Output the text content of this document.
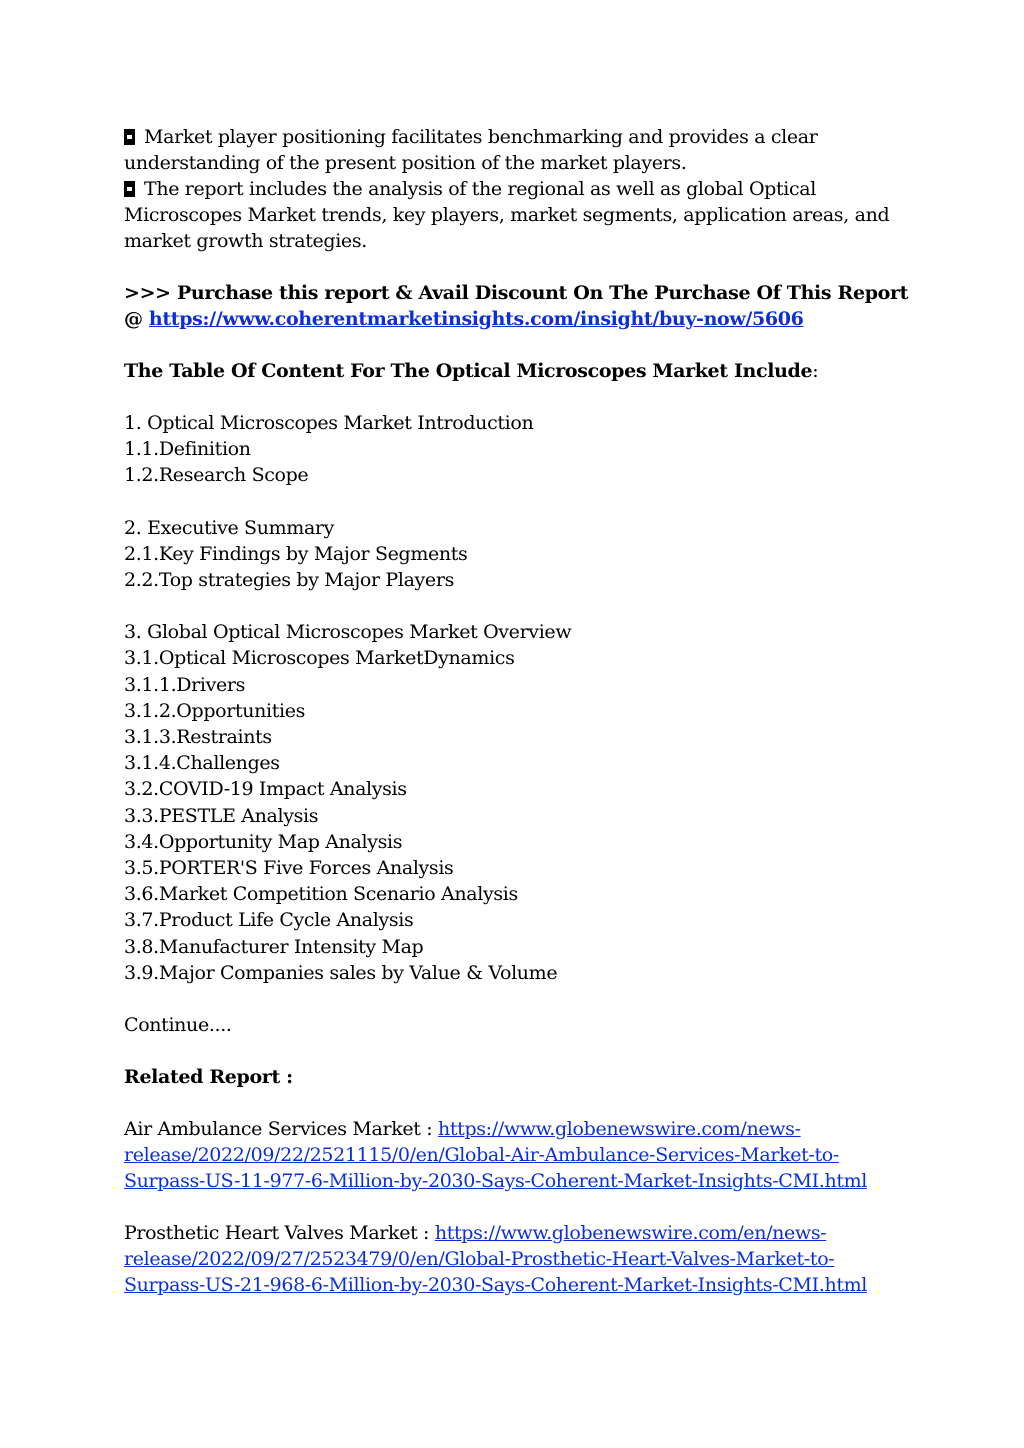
Market player positioning facilitates benchmarking and provides a clear
understanding of the present position of the market players.
The report includes the analysis of the regional as well as global Optical
Microscopes Market trends, key players, market segments, application areas, and
market growth strategies.
>>> Purchase this report & Avail Discount On The Purchase Of This Report
@ https://www.coherentmarketinsights.com/insight/buy-now/5606
The Table Of Content For The Optical Microscopes Market Include:
1. Optical Microscopes Market Introduction
1.1.Definition
1.2.Research Scope
2. Executive Summary
2.1.Key Findings by Major Segments
2.2.Top strategies by Major Players
3. Global Optical Microscopes Market Overview
3.1.Optical Microscopes MarketDynamics
3.1.1.Drivers
3.1.2.Opportunities
3.1.3.Restraints
3.1.4.Challenges
3.2.COVID-19 Impact Analysis
3.3.PESTLE Analysis
3.4.Opportunity Map Analysis
3.5.PORTER'S Five Forces Analysis
3.6.Market Competition Scenario Analysis
3.7.Product Life Cycle Analysis
3.8.Manufacturer Intensity Map
3.9.Major Companies sales by Value & Volume
Continue....
Related Report :
Air Ambulance Services Market : https://www.globenewswire.com/news-
release/2022/09/22/2521115/0/en/Global-Air-Ambulance-Services-Market-to-
Surpass-US-11-977-6-Million-by-2030-Says-Coherent-Market-Insights-CMI.html
Prosthetic Heart Valves Market : https://www.globenewswire.com/en/news-
release/2022/09/27/2523479/0/en/Global-Prosthetic-Heart-Valves-Market-to-
Surpass-US-21-968-6-Million-by-2030-Says-Coherent-Market-Insights-CMI.html
